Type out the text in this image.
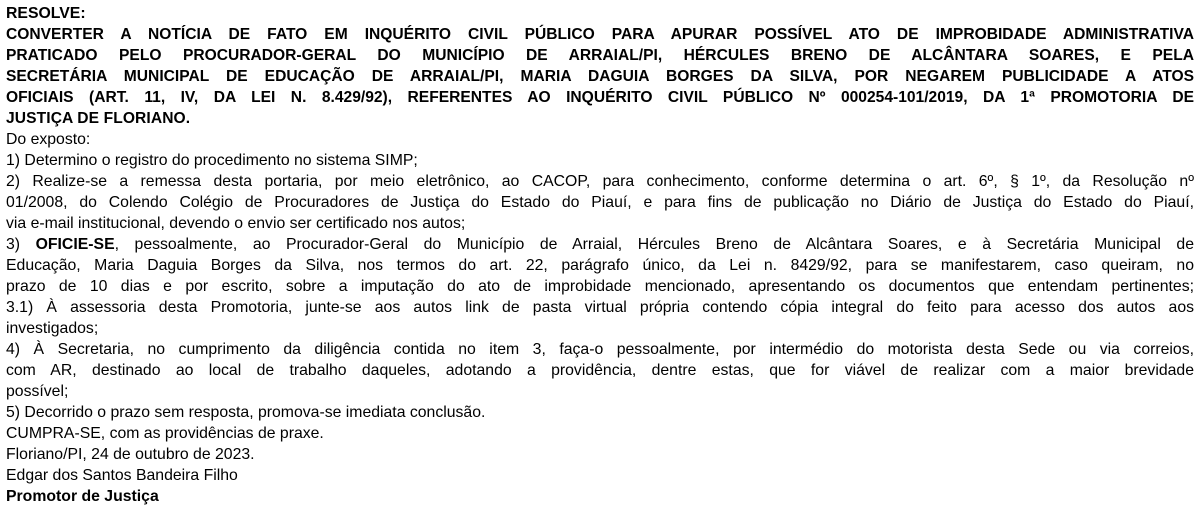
RESOLVE:
CONVERTER A NOTÍCIA DE FATO EM INQUÉRITO CIVIL PÚBLICO PARA APURAR POSSÍVEL ATO DE IMPROBIDADE ADMINISTRATIVA
PRATICADO PELO PROCURADOR-GERAL DO MUNICÍPIO DE ARRAIAL/PI, HÉRCULES BRENO DE ALCÂNTARA SOARES, E PELA
SECRETÁRIA MUNICIPAL DE EDUCAÇÃO DE ARRAIAL/PI, MARIA DAGUIA BORGES DA SILVA, POR NEGAREM PUBLICIDADE A ATOS
OFICIAIS (ART. 11, IV, DA LEI N. 8.429/92), REFERENTES AO INQUÉRITO CIVIL PÚBLICO Nº 000254-101/2019, DA 1ª PROMOTORIA DE
JUSTIÇA DE FLORIANO.
Do exposto:
1) Determino o registro do procedimento no sistema SIMP;
2) Realize-se a remessa desta portaria, por meio eletrônico, ao CACOP, para conhecimento, conforme determina o art. 6º, § 1º, da Resolução nº
01/2008, do Colendo Colégio de Procuradores de Justiça do Estado do Piauí, e para fins de publicação no Diário de Justiça do Estado do Piauí,
via e-mail institucional, devendo o envio ser certificado nos autos;
3) OFICIE-SE, pessoalmente, ao Procurador-Geral do Município de Arraial, Hércules Breno de Alcântara Soares, e à Secretária Municipal de
Educação, Maria Daguia Borges da Silva, nos termos do art. 22, parágrafo único, da Lei n. 8429/92, para se manifestarem, caso queiram, no
prazo de 10 dias e por escrito, sobre a imputação do ato de improbidade mencionado, apresentando os documentos que entendam pertinentes;
3.1) À assessoria desta Promotoria, junte-se aos autos link de pasta virtual própria contendo cópia integral do feito para acesso dos autos aos
investigados;
4) À Secretaria, no cumprimento da diligência contida no item 3, faça-o pessoalmente, por intermédio do motorista desta Sede ou via correios,
com AR, destinado ao local de trabalho daqueles, adotando a providência, dentre estas, que for viável de realizar com a maior brevidade
possível;
5) Decorrido o prazo sem resposta, promova-se imediata conclusão.
CUMPRA-SE, com as providências de praxe.
Floriano/PI, 24 de outubro de 2023.
Edgar dos Santos Bandeira Filho
Promotor de Justiça
